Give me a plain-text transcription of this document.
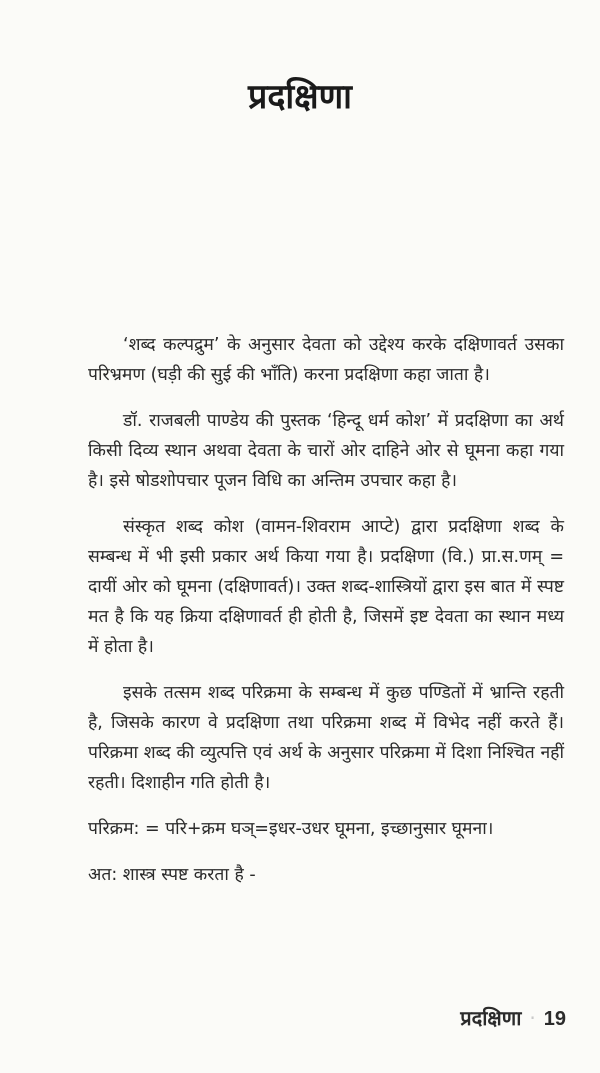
प्रदक्षिणा

‘शब्द कल्पद्रुम’ के अनुसार देवता को उद्देश्य करके दक्षिणावर्त उसका परिभ्रमण (घड़ी की सुई की भाँति) करना प्रदक्षिणा कहा जाता है।

डॉ. राजबली पाण्डेय की पुस्तक ‘हिन्दू धर्म कोश’ में प्रदक्षिणा का अर्थ किसी दिव्य स्थान अथवा देवता के चारों ओर दाहिने ओर से घूमना कहा गया है। इसे षोडशोपचार पूजन विधि का अन्तिम उपचार कहा है।

संस्कृत शब्द कोश (वामन-शिवराम आप्टे) द्वारा प्रदक्षिणा शब्द के सम्बन्ध में भी इसी प्रकार अर्थ किया गया है। प्रदक्षिणा (वि.) प्रा.स.णम् = दायीं ओर को घूमना (दक्षिणावर्त)। उक्त शब्द-शास्त्रियों द्वारा इस बात में स्पष्ट मत है कि यह क्रिया दक्षिणावर्त ही होती है, जिसमें इष्ट देवता का स्थान मध्य में होता है।

इसके तत्सम शब्द परिक्रमा के सम्बन्ध में कुछ पण्डितों में भ्रान्ति रहती है, जिसके कारण वे प्रदक्षिणा तथा परिक्रमा शब्द में विभेद नहीं करते हैं। परिक्रमा शब्द की व्युत्पत्ति एवं अर्थ के अनुसार परिक्रमा में दिशा निश्चित नहीं रहती। दिशाहीन गति होती है।

परिक्रम: = परि+क्रम घञ्=इधर-उधर घूमना, इच्छानुसार घूमना।

अत: शास्त्र स्पष्ट करता है -

प्रदक्षिणा · 19
